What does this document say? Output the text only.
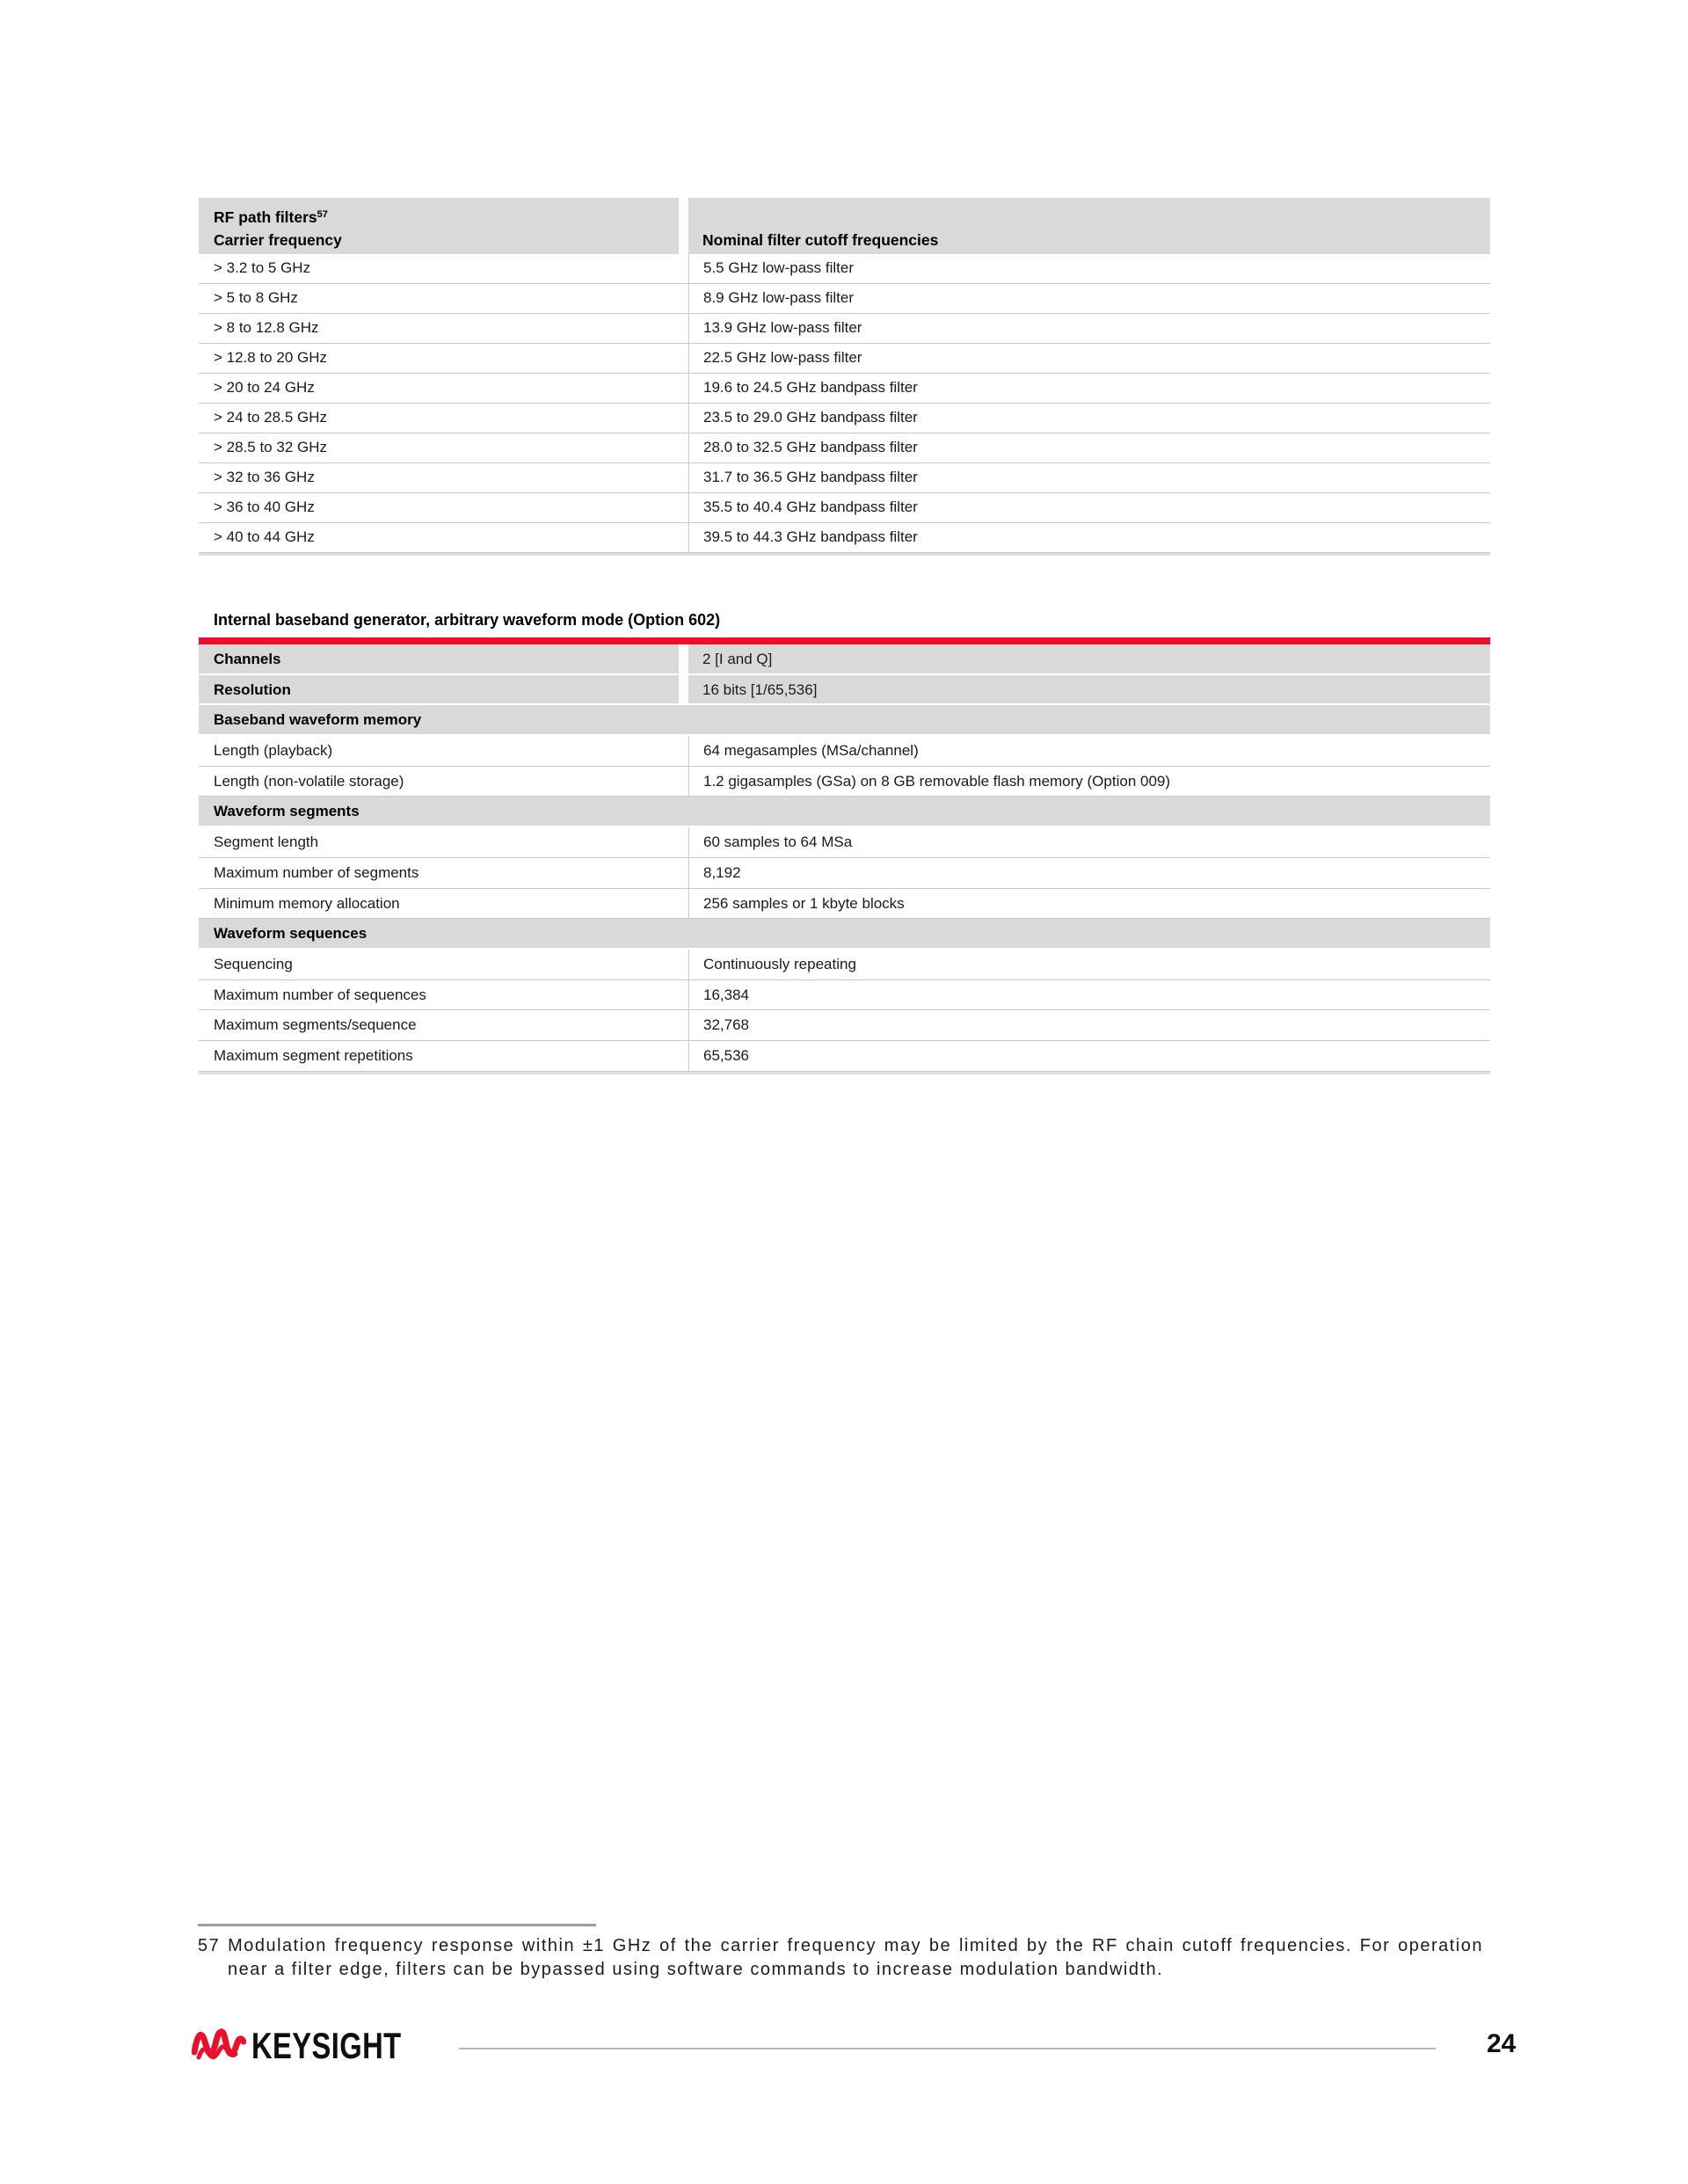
RF path filters$^{57}$
Carrier frequency	Nominal filter cutoff frequencies
> 3.2 to 5 GHz	5.5 GHz low-pass filter
> 5 to 8 GHz	8.9 GHz low-pass filter
> 8 to 12.8 GHz	13.9 GHz low-pass filter
> 12.8 to 20 GHz	22.5 GHz low-pass filter
> 20 to 24 GHz	19.6 to 24.5 GHz bandpass filter
> 24 to 28.5 GHz	23.5 to 29.0 GHz bandpass filter
> 28.5 to 32 GHz	28.0 to 32.5 GHz bandpass filter
> 32 to 36 GHz	31.7 to 36.5 GHz bandpass filter
> 36 to 40 GHz	35.5 to 40.4 GHz bandpass filter
> 40 to 44 GHz	39.5 to 44.3 GHz bandpass filter
Internal baseband generator, arbitrary waveform mode (Option 602)
Channels	2 [I and Q]
Resolution	16 bits [1/65,536]
Baseband waveform memory
Length (playback)	64 megasamples (MSa/channel)
Length (non-volatile storage)	1.2 gigasamples (GSa) on 8 GB removable flash memory (Option 009)
Waveform segments
Segment length	60 samples to 64 MSa
Maximum number of segments	8,192
Minimum memory allocation	256 samples or 1 kbyte blocks
Waveform sequences
Sequencing	Continuously repeating
Maximum number of sequences	16,384
Maximum segments/sequence	32,768
Maximum segment repetitions	65,536
57 Modulation frequency response within ±1 GHz of the carrier frequency may be limited by the RF chain cutoff frequencies. For operation near a filter edge, filters can be bypassed using software commands to increase modulation bandwidth.
KEYSIGHT	24
